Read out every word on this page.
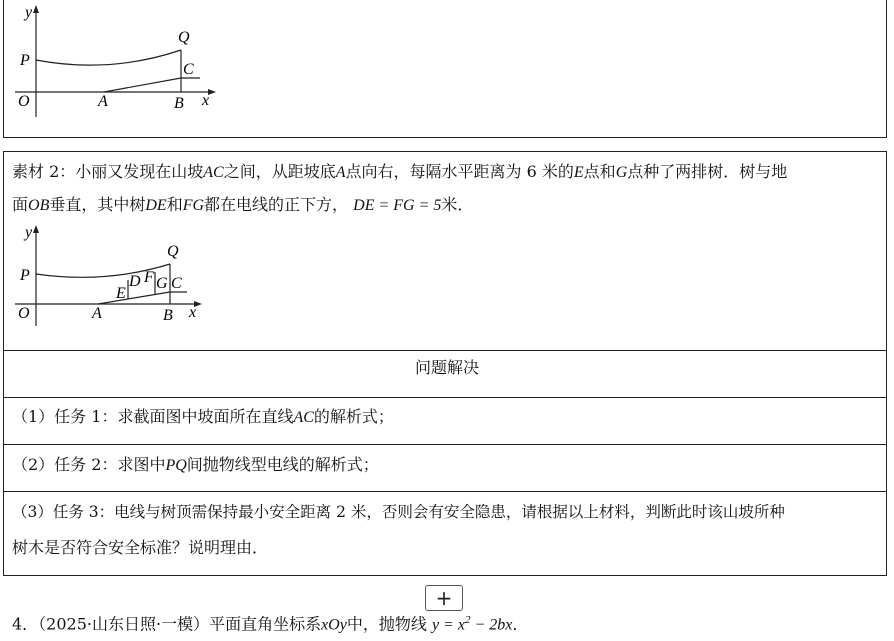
y
P
Q
C
O	A	B x
素材 2：小丽又发现在山坡AC之间，从距坡底A点向右，每隔水平距离为 6 米的E点和G点种了两排树．树与地
面OB垂直，其中树DE和FG都在电线的正下方， DE = FG = 5米．
y
P
Q
D F G C
E
O	A	B x
问题解决
（1）任务 1：求截面图中坡面所在直线AC的解析式；
（2）任务 2：求图中PQ间抛物线型电线的解析式；
（3）任务 3：电线与树顶需保持最小安全距离 2 米，否则会有安全隐患，请根据以上材料，判断此时该山坡所种
树木是否符合安全标准？说明理由．
+
4．（2025·山东日照·一模）平面直角坐标系xOy中，抛物线 $y = x^2 - 2bx$．
